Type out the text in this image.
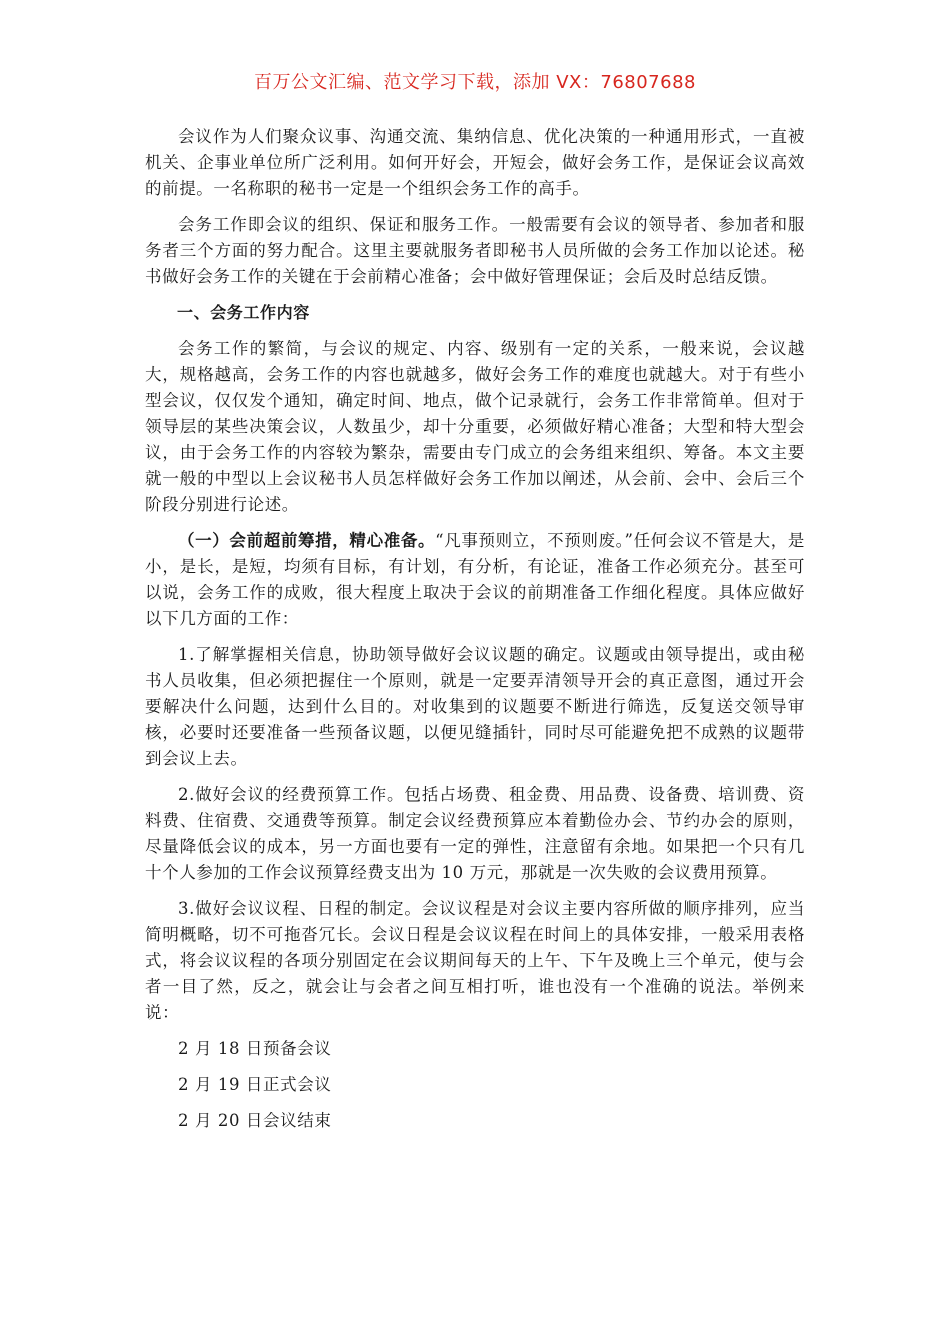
百万公文汇编、范文学习下载，添加 VX：76807688

会议作为人们聚众议事、沟通交流、集纳信息、优化决策的一种通用形式，一直被机关、企事业单位所广泛利用。如何开好会，开短会，做好会务工作，是保证会议高效的前提。一名称职的秘书一定是一个组织会务工作的高手。

会务工作即会议的组织、保证和服务工作。一般需要有会议的领导者、参加者和服务者三个方面的努力配合。这里主要就服务者即秘书人员所做的会务工作加以论述。秘书做好会务工作的关键在于会前精心准备；会中做好管理保证；会后及时总结反馈。

一、会务工作内容

会务工作的繁简，与会议的规定、内容、级别有一定的关系，一般来说，会议越大，规格越高，会务工作的内容也就越多，做好会务工作的难度也就越大。对于有些小型会议，仅仅发个通知，确定时间、地点，做个记录就行，会务工作非常简单。但对于领导层的某些决策会议，人数虽少，却十分重要，必须做好精心准备；大型和特大型会议，由于会务工作的内容较为繁杂，需要由专门成立的会务组来组织、筹备。本文主要就一般的中型以上会议秘书人员怎样做好会务工作加以阐述，从会前、会中、会后三个阶段分别进行论述。

（一）会前超前筹措，精心准备。“凡事预则立，不预则废。”任何会议不管是大，是小，是长，是短，均须有目标，有计划，有分析，有论证，准备工作必须充分。甚至可以说，会务工作的成败，很大程度上取决于会议的前期准备工作细化程度。具体应做好以下几方面的工作：

1.了解掌握相关信息，协助领导做好会议议题的确定。议题或由领导提出，或由秘书人员收集，但必须把握住一个原则，就是一定要弄清领导开会的真正意图，通过开会要解决什么问题，达到什么目的。对收集到的议题要不断进行筛选，反复送交领导审核，必要时还要准备一些预备议题，以便见缝插针，同时尽可能避免把不成熟的议题带到会议上去。

2.做好会议的经费预算工作。包括占场费、租金费、用品费、设备费、培训费、资料费、住宿费、交通费等预算。制定会议经费预算应本着勤俭办会、节约办会的原则，尽量降低会议的成本，另一方面也要有一定的弹性，注意留有余地。如果把一个只有几十个人参加的工作会议预算经费支出为 10 万元，那就是一次失败的会议费用预算。

3.做好会议议程、日程的制定。会议议程是对会议主要内容所做的顺序排列，应当简明概略，切不可拖沓冗长。会议日程是会议议程在时间上的具体安排，一般采用表格式，将会议议程的各项分别固定在会议期间每天的上午、下午及晚上三个单元，使与会者一目了然，反之，就会让与会者之间互相打听，谁也没有一个准确的说法。举例来说：

2 月 18 日预备会议
2 月 19 日正式会议
2 月 20 日会议结束
